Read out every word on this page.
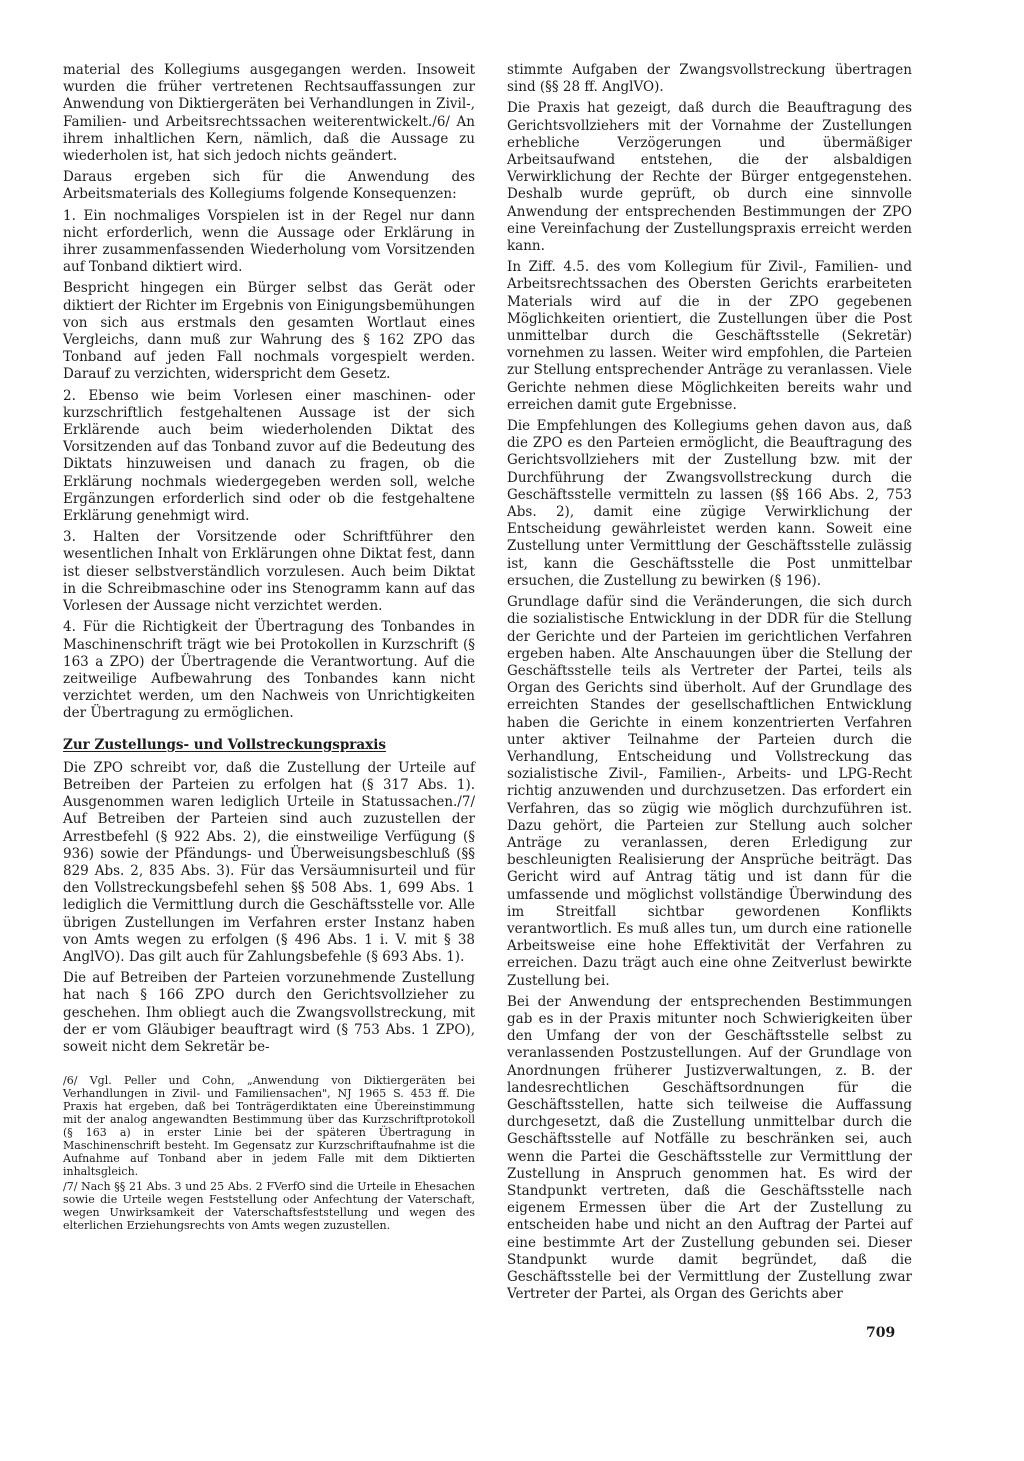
material des Kollegiums ausgegangen werden. Insoweit wurden die früher vertretenen Rechtsauffassungen zur Anwendung von Diktiergeräten bei Verhandlungen in Zivil-, Familien- und Arbeitsrechtssachen weiterentwickelt./6/ An ihrem inhaltlichen Kern, nämlich, daß die Aussage zu wiederholen ist, hat sich jedoch nichts geändert.

Daraus ergeben sich für die Anwendung des Arbeitsmaterials des Kollegiums folgende Konsequenzen:

1. Ein nochmaliges Vorspielen ist in der Regel nur dann nicht erforderlich, wenn die Aussage oder Erklärung in ihrer zusammenfassenden Wiederholung vom Vorsitzenden auf Tonband diktiert wird.

Bespricht hingegen ein Bürger selbst das Gerät oder diktiert der Richter im Ergebnis von Einigungsbemühungen von sich aus erstmals den gesamten Wortlaut eines Vergleichs, dann muß zur Wahrung des § 162 ZPO das Tonband auf jeden Fall nochmals vorgespielt werden. Darauf zu verzichten, widerspricht dem Gesetz.

2. Ebenso wie beim Vorlesen einer maschinen- oder kurzschriftlich festgehaltenen Aussage ist der sich Erklärende auch beim wiederholenden Diktat des Vorsitzenden auf das Tonband zuvor auf die Bedeutung des Diktats hinzuweisen und danach zu fragen, ob die Erklärung nochmals wiedergegeben werden soll, welche Ergänzungen erforderlich sind oder ob die festgehaltene Erklärung genehmigt wird.

3. Halten der Vorsitzende oder Schriftführer den wesentlichen Inhalt von Erklärungen ohne Diktat fest, dann ist dieser selbstverständlich vorzulesen. Auch beim Diktat in die Schreibmaschine oder ins Stenogramm kann auf das Vorlesen der Aussage nicht verzichtet werden.

4. Für die Richtigkeit der Übertragung des Tonbandes in Maschinenschrift trägt wie bei Protokollen in Kurzschrift (§ 163 a ZPO) der Übertragende die Verantwortung. Auf die zeitweilige Aufbewahrung des Tonbandes kann nicht verzichtet werden, um den Nachweis von Unrichtigkeiten der Übertragung zu ermöglichen.

Zur Zustellungs- und Vollstreckungspraxis

Die ZPO schreibt vor, daß die Zustellung der Urteile auf Betreiben der Parteien zu erfolgen hat (§ 317 Abs. 1). Ausgenommen waren lediglich Urteile in Statussachen./7/ Auf Betreiben der Parteien sind auch zuzustellen der Arrestbefehl (§ 922 Abs. 2), die einstweilige Verfügung (§ 936) sowie der Pfändungs- und Überweisungsbeschluß (§§ 829 Abs. 2, 835 Abs. 3). Für das Versäumnisurteil und für den Vollstreckungsbefehl sehen §§ 508 Abs. 1, 699 Abs. 1 lediglich die Vermittlung durch die Geschäftsstelle vor. Alle übrigen Zustellungen im Verfahren erster Instanz haben von Amts wegen zu erfolgen (§ 496 Abs. 1 i. V. mit § 38 AnglVO). Das gilt auch für Zahlungsbefehle (§ 693 Abs. 1).

Die auf Betreiben der Parteien vorzunehmende Zustellung hat nach § 166 ZPO durch den Gerichtsvollzieher zu geschehen. Ihm obliegt auch die Zwangsvollstreckung, mit der er vom Gläubiger beauftragt wird (§ 753 Abs. 1 ZPO), soweit nicht dem Sekretär be-

/6/ Vgl. Peller und Cohn, „Anwendung von Diktiergeräten bei Verhandlungen in Zivil- und Familiensachen", NJ 1965 S. 453 ff. Die Praxis hat ergeben, daß bei Tonträgerdiktaten eine Übereinstimmung mit der analog angewandten Bestimmung über das Kurzschriftprotokoll (§ 163 a) in erster Linie bei der späteren Übertragung in Maschinenschrift besteht. Im Gegensatz zur Kurzschriftaufnahme ist die Aufnahme auf Tonband aber in jedem Falle mit dem Diktierten inhaltsgleich.

/7/ Nach §§ 21 Abs. 3 und 25 Abs. 2 FVerfO sind die Urteile in Ehesachen sowie die Urteile wegen Feststellung oder Anfechtung der Vaterschaft, wegen Unwirksamkeit der Vaterschaftsfeststellung und wegen des elterlichen Erziehungsrechts von Amts wegen zuzustellen.

stimmte Aufgaben der Zwangsvollstreckung übertragen sind (§§ 28 ff. AnglVO).

Die Praxis hat gezeigt, daß durch die Beauftragung des Gerichtsvollziehers mit der Vornahme der Zustellungen erhebliche Verzögerungen und übermäßiger Arbeitsaufwand entstehen, die der alsbaldigen Verwirklichung der Rechte der Bürger entgegenstehen. Deshalb wurde geprüft, ob durch eine sinnvolle Anwendung der entsprechenden Bestimmungen der ZPO eine Vereinfachung der Zustellungspraxis erreicht werden kann.

In Ziff. 4.5. des vom Kollegium für Zivil-, Familien- und Arbeitsrechtssachen des Obersten Gerichts erarbeiteten Materials wird auf die in der ZPO gegebenen Möglichkeiten orientiert, die Zustellungen über die Post unmittelbar durch die Geschäftsstelle (Sekretär) vornehmen zu lassen. Weiter wird empfohlen, die Parteien zur Stellung entsprechender Anträge zu veranlassen. Viele Gerichte nehmen diese Möglichkeiten bereits wahr und erreichen damit gute Ergebnisse.

Die Empfehlungen des Kollegiums gehen davon aus, daß die ZPO es den Parteien ermöglicht, die Beauftragung des Gerichtsvollziehers mit der Zustellung bzw. mit der Durchführung der Zwangsvollstreckung durch die Geschäftsstelle vermitteln zu lassen (§§ 166 Abs. 2, 753 Abs. 2), damit eine zügige Verwirklichung der Entscheidung gewährleistet werden kann. Soweit eine Zustellung unter Vermittlung der Geschäftsstelle zulässig ist, kann die Geschäftsstelle die Post unmittelbar ersuchen, die Zustellung zu bewirken (§ 196).

Grundlage dafür sind die Veränderungen, die sich durch die sozialistische Entwicklung in der DDR für die Stellung der Gerichte und der Parteien im gerichtlichen Verfahren ergeben haben. Alte Anschauungen über die Stellung der Geschäftsstelle teils als Vertreter der Partei, teils als Organ des Gerichts sind überholt. Auf der Grundlage des erreichten Standes der gesellschaftlichen Entwicklung haben die Gerichte in einem konzentrierten Verfahren unter aktiver Teilnahme der Parteien durch die Verhandlung, Entscheidung und Vollstreckung das sozialistische Zivil-, Familien-, Arbeits- und LPG-Recht richtig anzuwenden und durchzusetzen. Das erfordert ein Verfahren, das so zügig wie möglich durchzuführen ist. Dazu gehört, die Parteien zur Stellung auch solcher Anträge zu veranlassen, deren Erledigung zur beschleunigten Realisierung der Ansprüche beiträgt. Das Gericht wird auf Antrag tätig und ist dann für die umfassende und möglichst vollständige Überwindung des im Streitfall sichtbar gewordenen Konflikts verantwortlich. Es muß alles tun, um durch eine rationelle Arbeitsweise eine hohe Effektivität der Verfahren zu erreichen. Dazu trägt auch eine ohne Zeitverlust bewirkte Zustellung bei.

Bei der Anwendung der entsprechenden Bestimmungen gab es in der Praxis mitunter noch Schwierigkeiten über den Umfang der von der Geschäftsstelle selbst zu veranlassenden Postzustellungen. Auf der Grundlage von Anordnungen früherer Justizverwaltungen, z. B. der landesrechtlichen Geschäftsordnungen für die Geschäftsstellen, hatte sich teilweise die Auffassung durchgesetzt, daß die Zustellung unmittelbar durch die Geschäftsstelle auf Notfälle zu beschränken sei, auch wenn die Partei die Geschäftsstelle zur Vermittlung der Zustellung in Anspruch genommen hat. Es wird der Standpunkt vertreten, daß die Geschäftsstelle nach eigenem Ermessen über die Art der Zustellung zu entscheiden habe und nicht an den Auftrag der Partei auf eine bestimmte Art der Zustellung gebunden sei. Dieser Standpunkt wurde damit begründet, daß die Geschäftsstelle bei der Vermittlung der Zustellung zwar Vertreter der Partei, als Organ des Gerichts aber

709
